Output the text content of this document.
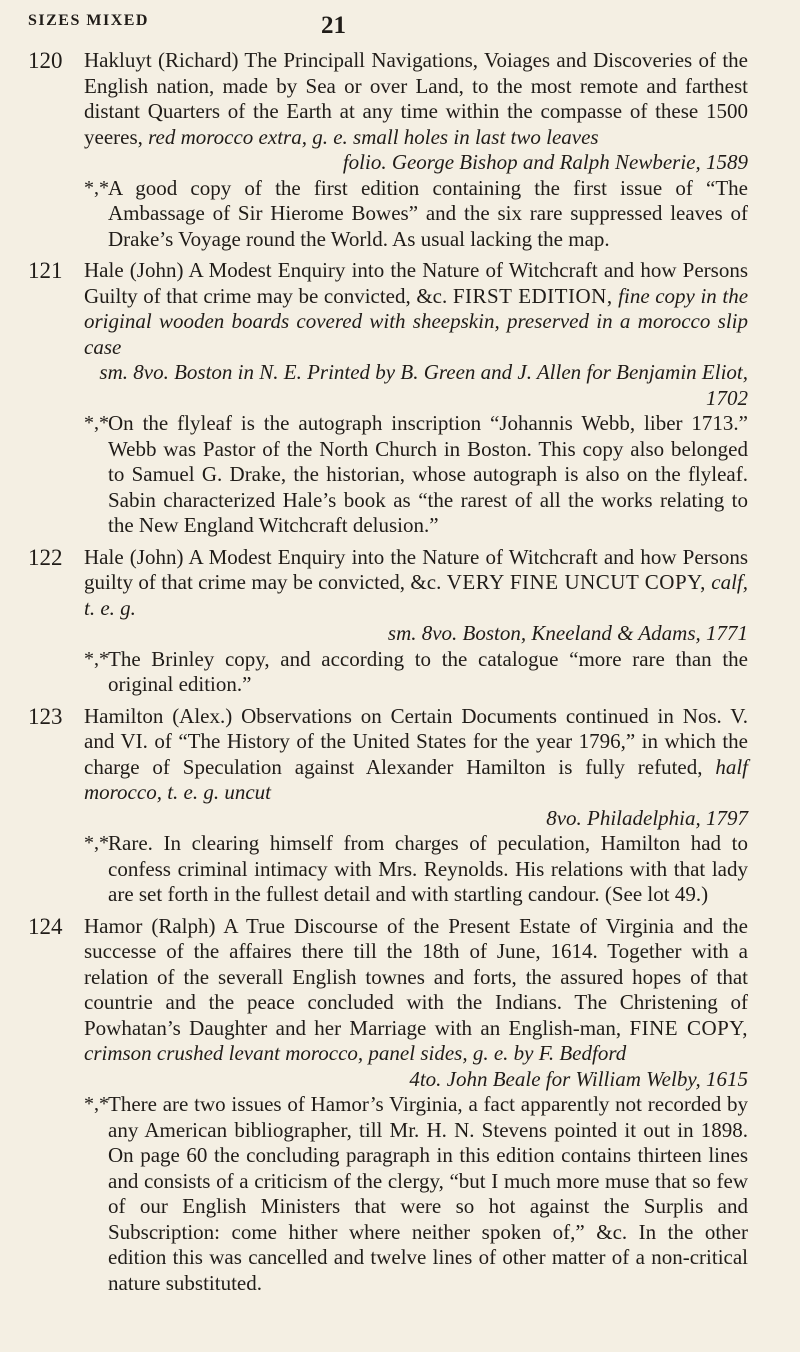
SIZES MIXED	21
120 Hakluyt (Richard) The Principall Navigations, Voiages and Discoveries of the English nation, made by Sea or over Land, to the most remote and farthest distant Quarters of the Earth at any time within the compasse of these 1500 yeeres, red morocco extra, g. e. small holes in last two leaves

folio. George Bishop and Ralph Newberie, 1589

*,* A good copy of the first edition containing the first issue of “The Ambassage of Sir Hierome Bowes” and the six rare suppressed leaves of Drake’s Voyage round the World. As usual lacking the map.

121 Hale (John) A Modest Enquiry into the Nature of Witchcraft and how Persons Guilty of that crime may be convicted, &c. FIRST EDITION, fine copy in the original wooden boards covered with sheepskin, preserved in a morocco slip case

sm. 8vo. Boston in N. E. Printed by B. Green and J. Allen for Benjamin Eliot, 1702

*,* On the flyleaf is the autograph inscription “Johannis Webb, liber 1713.” Webb was Pastor of the North Church in Boston. This copy also belonged to Samuel G. Drake, the historian, whose autograph is also on the flyleaf. Sabin characterized Hale’s book as “the rarest of all the works relating to the New England Witchcraft delusion.”

122 Hale (John) A Modest Enquiry into the Nature of Witchcraft and how Persons guilty of that crime may be convicted, &c. VERY FINE UNCUT COPY, calf, t. e. g.

sm. 8vo. Boston, Kneeland & Adams, 1771

*,* The Brinley copy, and according to the catalogue “more rare than the original edition.”

123 Hamilton (Alex.) Observations on Certain Documents continued in Nos. V. and VI. of “The History of the United States for the year 1796,” in which the charge of Speculation against Alexander Hamilton is fully refuted, half morocco, t. e. g. uncut

8vo. Philadelphia, 1797

*,* Rare. In clearing himself from charges of peculation, Hamilton had to confess criminal intimacy with Mrs. Reynolds. His relations with that lady are set forth in the fullest detail and with startling candour. (See lot 49.)

124 Hamor (Ralph) A True Discourse of the Present Estate of Virginia and the successe of the affaires there till the 18th of June, 1614. Together with a relation of the severall English townes and forts, the assured hopes of that countrie and the peace concluded with the Indians. The Christening of Powhatan’s Daughter and her Marriage with an English-man, FINE COPY, crimson crushed levant morocco, panel sides, g. e. by F. Bedford

4to. John Beale for William Welby, 1615

*,* There are two issues of Hamor’s Virginia, a fact apparently not recorded by any American bibliographer, till Mr. H. N. Stevens pointed it out in 1898. On page 60 the concluding paragraph in this edition contains thirteen lines and consists of a criticism of the clergy, “but I much more muse that so few of our English Ministers that were so hot against the Surplis and Subscription: come hither where neither spoken of,” &c. In the other edition this was cancelled and twelve lines of other matter of a non-critical nature substituted.
